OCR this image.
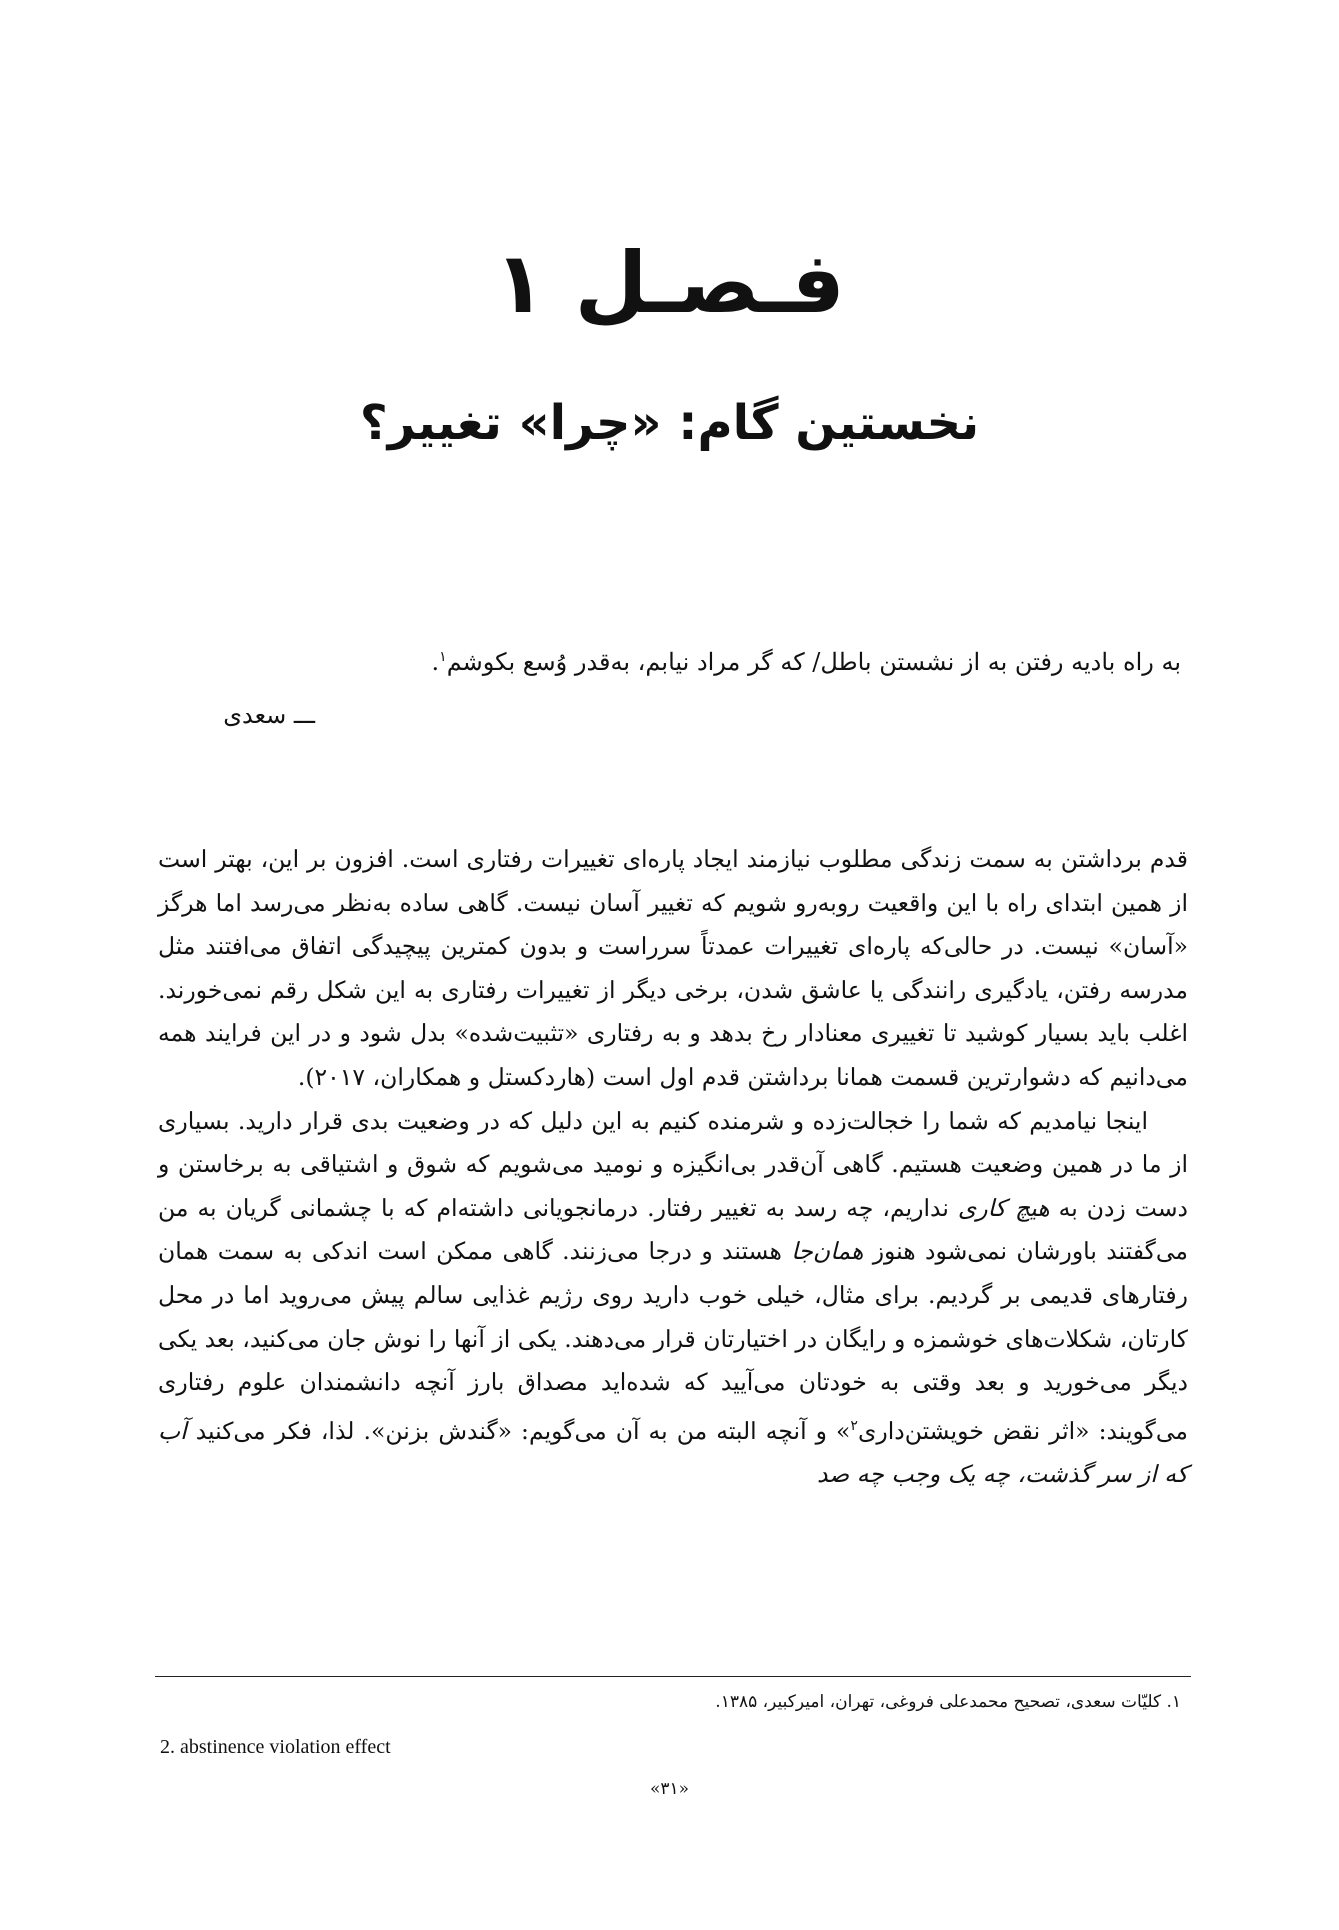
فـصـل ۱
نخستین گام: «چرا» تغییر؟
به راه بادیه رفتن به از نشستن باطل/ که گر مراد نیابم، به‌قدر وُسع بکوشم$^۱$.
ـــ سعدی

قدم برداشتن به سمت زندگی مطلوب نیازمند ایجاد پاره‌ای تغییرات رفتاری است. افزون بر این، بهتر است از همین ابتدای راه با این واقعیت روبه‌رو شویم که تغییر آسان نیست. گاهی ساده به‌نظر می‌رسد اما هرگز «آسان» نیست. در حالی‌که پاره‌ای تغییرات عمدتاً سرراست و بدون کمترین پیچیدگی اتفاق می‌افتند مثل مدرسه رفتن، یادگیری رانندگی یا عاشق شدن، برخی دیگر از تغییرات رفتاری به این شکل رقم نمی‌خورند. اغلب باید بسیار کوشید تا تغییری معنادار رخ بدهد و به رفتاری «تثبیت‌شده» بدل شود و در این فرایند همه می‌دانیم که دشوارترین قسمت همانا برداشتن قدم اول است (هاردکستل و همکاران، ۲۰۱۷).

اینجا نیامدیم که شما را خجالت‌زده و شرمنده کنیم به این دلیل که در وضعیت بدی قرار دارید. بسیاری از ما در همین وضعیت هستیم. گاهی آن‌قدر بی‌انگیزه و نومید می‌شویم که شوق و اشتیاقی به برخاستن و دست زدن به هیچ کاری نداریم، چه رسد به تغییر رفتار. درمانجویانی داشته‌ام که با چشمانی گریان به من می‌گفتند باورشان نمی‌شود هنوز همان‌جا هستند و درجا می‌زنند. گاهی ممکن است اندکی به سمت همان رفتارهای قدیمی بر گردیم. برای مثال، خیلی خوب دارید روی رژیم غذایی سالم پیش می‌روید اما در محل کارتان، شکلات‌های خوشمزه و رایگان در اختیارتان قرار می‌دهند. یکی از آنها را نوش جان می‌کنید، بعد یکی دیگر می‌خورید و بعد وقتی به خودتان می‌آیید که شده‌اید مصداق بارز آنچه دانشمندان علوم رفتاری می‌گویند: «اثر نقض خویشتن‌داری$^۲$» و آنچه البته من به آن می‌گویم: «گندش بزنن». لذا، فکر می‌کنید آب که از سر گذشت، چه یک وجب چه صد

۱. کلیّات سعدی، تصحیح محمدعلی فروغی، تهران، امیرکبیر، ۱۳۸۵.
2. abstinence violation effect
«۳۱»
